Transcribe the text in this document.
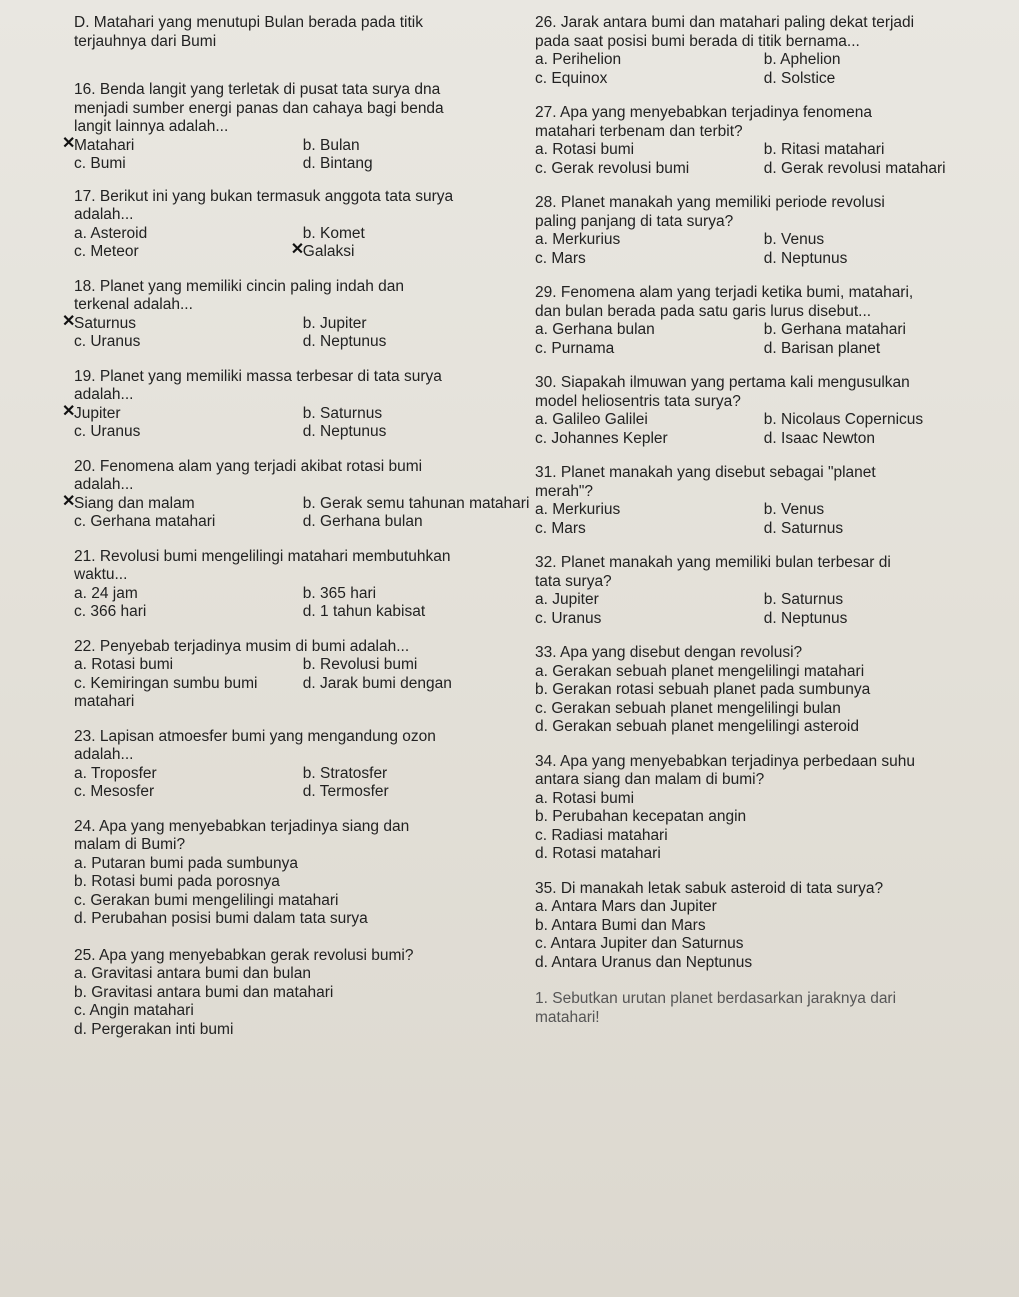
D. Matahari yang menutupi Bulan berada pada titik
terjauhnya dari Bumi
16. Benda langit yang terletak di pusat tata surya dna
menjadi sumber energi panas dan cahaya bagi benda
langit lainnya adalah...
✕ Matahari	b. Bulan
c. Bumi	d. Bintang
17. Berikut ini yang bukan termasuk anggota tata surya
adalah...
a. Asteroid	b. Komet
c. Meteor
✕	Galaksi
18. Planet yang memiliki cincin paling indah dan
terkenal adalah...
✕ Saturnus	b. Jupiter
c. Uranus	d. Neptunus
19. Planet yang memiliki massa terbesar di tata surya
adalah...
✕ Jupiter	b. Saturnus
c. Uranus	d. Neptunus
20. Fenomena alam yang terjadi akibat rotasi bumi
adalah...
✕ Siang dan malam	b. Gerak semu tahunan matahari
c. Gerhana matahari	d. Gerhana bulan
21. Revolusi bumi mengelilingi matahari membutuhkan
waktu...
a. 24 jam	b. 365 hari
c. 366 hari	d. 1 tahun kabisat
22. Penyebab terjadinya musim di bumi adalah...
a. Rotasi bumi	b. Revolusi bumi
c. Kemiringan sumbu bumi	d. Jarak bumi dengan
matahari
23. Lapisan atmoesfer bumi yang mengandung ozon
adalah...
a. Troposfer	b. Stratosfer
c. Mesosfer	d. Termosfer
24. Apa yang menyebabkan terjadinya siang dan
malam di Bumi?
a. Putaran bumi pada sumbunya
b. Rotasi bumi pada porosnya
c. Gerakan bumi mengelilingi matahari
d. Perubahan posisi bumi dalam tata surya
25. Apa yang menyebabkan gerak revolusi bumi?
a. Gravitasi antara bumi dan bulan
b. Gravitasi antara bumi dan matahari
c. Angin matahari
d. Pergerakan inti bumi
26. Jarak antara bumi dan matahari paling dekat terjadi
pada saat posisi bumi berada di titik bernama...
a. Perihelion	b. Aphelion
c. Equinox	d. Solstice
27. Apa yang menyebabkan terjadinya fenomena
matahari terbenam dan terbit?
a. Rotasi bumi	b. Ritasi matahari
c. Gerak revolusi bumi	d. Gerak revolusi matahari
28. Planet manakah yang memiliki periode revolusi
paling panjang di tata surya?
a. Merkurius	b. Venus
c. Mars	d. Neptunus
29. Fenomena alam yang terjadi ketika bumi, matahari,
dan bulan berada pada satu garis lurus disebut...
a. Gerhana bulan	b. Gerhana matahari
c. Purnama	d. Barisan planet
30. Siapakah ilmuwan yang pertama kali mengusulkan
model heliosentris tata surya?
a. Galileo Galilei	b. Nicolaus Copernicus
c. Johannes Kepler	d. Isaac Newton
31. Planet manakah yang disebut sebagai "planet
merah"?
a. Merkurius	b. Venus
c. Mars	d. Saturnus
32. Planet manakah yang memiliki bulan terbesar di
tata surya?
a. Jupiter	b. Saturnus
c. Uranus	d. Neptunus
33. Apa yang disebut dengan revolusi?
a. Gerakan sebuah planet mengelilingi matahari
b. Gerakan rotasi sebuah planet pada sumbunya
c. Gerakan sebuah planet mengelilingi bulan
d. Gerakan sebuah planet mengelilingi asteroid
34. Apa yang menyebabkan terjadinya perbedaan suhu
antara siang dan malam di bumi?
a. Rotasi bumi
b. Perubahan kecepatan angin
c. Radiasi matahari
d. Rotasi matahari
35. Di manakah letak sabuk asteroid di tata surya?
a. Antara Mars dan Jupiter
b. Antara Bumi dan Mars
c. Antara Jupiter dan Saturnus
d. Antara Uranus dan Neptunus
1. Sebutkan urutan planet berdasarkan jaraknya dari
matahari!
